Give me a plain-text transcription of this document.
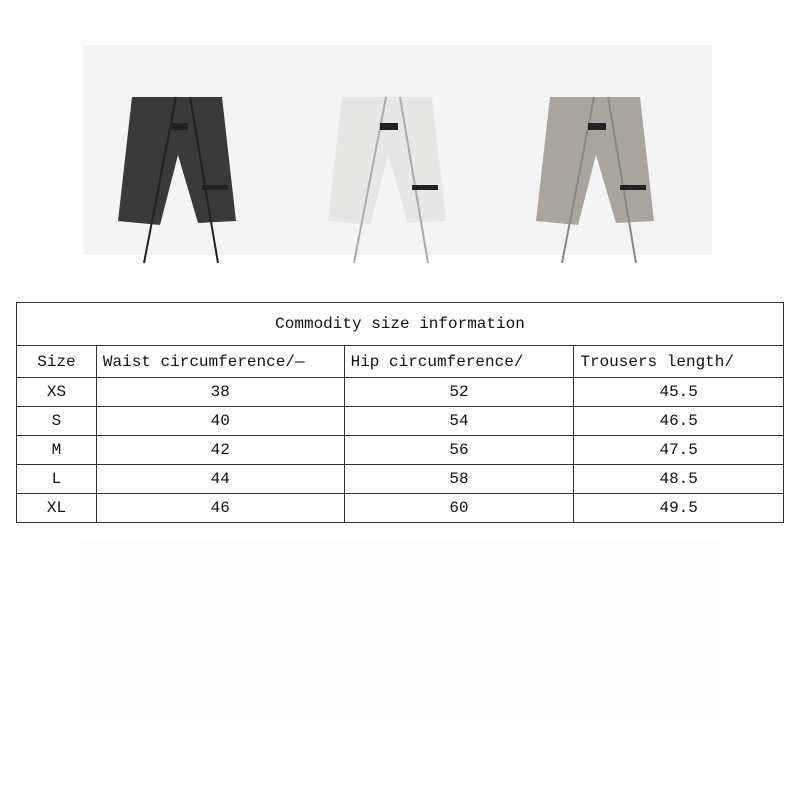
Commodity size information			
Size	Waist circumference/—	Hip circumference/	Trousers length/
XS	38	52	45.5
S	40	54	46.5
M	42	56	47.5
L	44	58	48.5
XL	46	60	49.5
